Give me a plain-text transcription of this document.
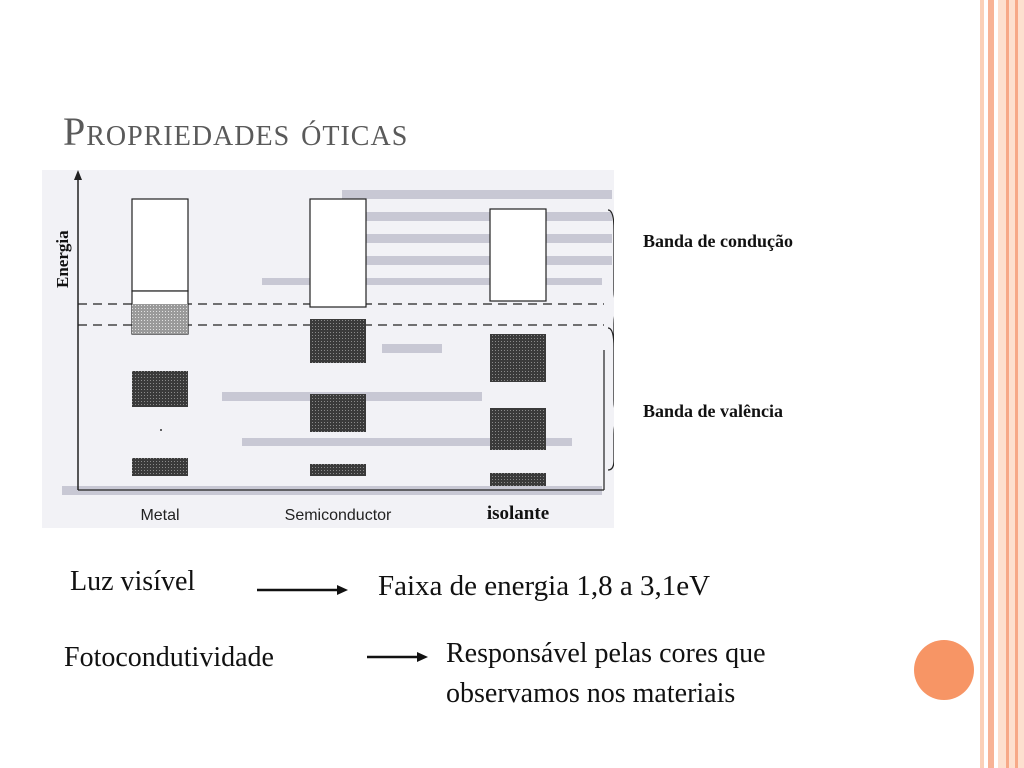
Propriedades óticas
Energia
Metal	Semiconductor	isolante
Banda de condução
Banda de valência
Luz visível	Faixa de energia 1,8 a 3,1eV
Fotocondutividade	Responsável pelas cores que
observamos nos materiais
